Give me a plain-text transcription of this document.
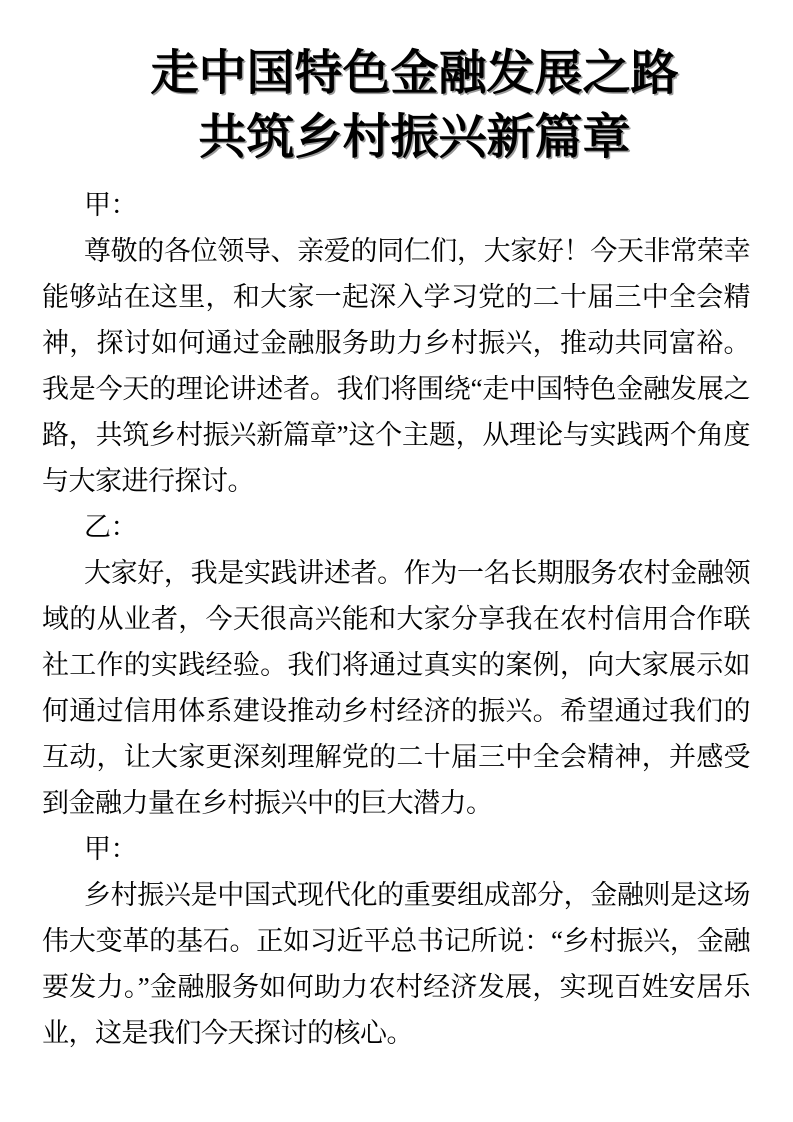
走中国特色金融发展之路
共筑乡村振兴新篇章

甲：

尊敬的各位领导、亲爱的同仁们，大家好！今天非常荣幸能够站在这里，和大家一起深入学习党的二十届三中全会精神，探讨如何通过金融服务助力乡村振兴，推动共同富裕。我是今天的理论讲述者。我们将围绕“走中国特色金融发展之路，共筑乡村振兴新篇章”这个主题，从理论与实践两个角度与大家进行探讨。

乙：

大家好，我是实践讲述者。作为一名长期服务农村金融领域的从业者，今天很高兴能和大家分享我在农村信用合作联社工作的实践经验。我们将通过真实的案例，向大家展示如何通过信用体系建设推动乡村经济的振兴。希望通过我们的互动，让大家更深刻理解党的二十届三中全会精神，并感受到金融力量在乡村振兴中的巨大潜力。

甲：

乡村振兴是中国式现代化的重要组成部分，金融则是这场伟大变革的基石。正如习近平总书记所说：“乡村振兴，金融要发力。”金融服务如何助力农村经济发展，实现百姓安居乐业，这是我们今天探讨的核心。
